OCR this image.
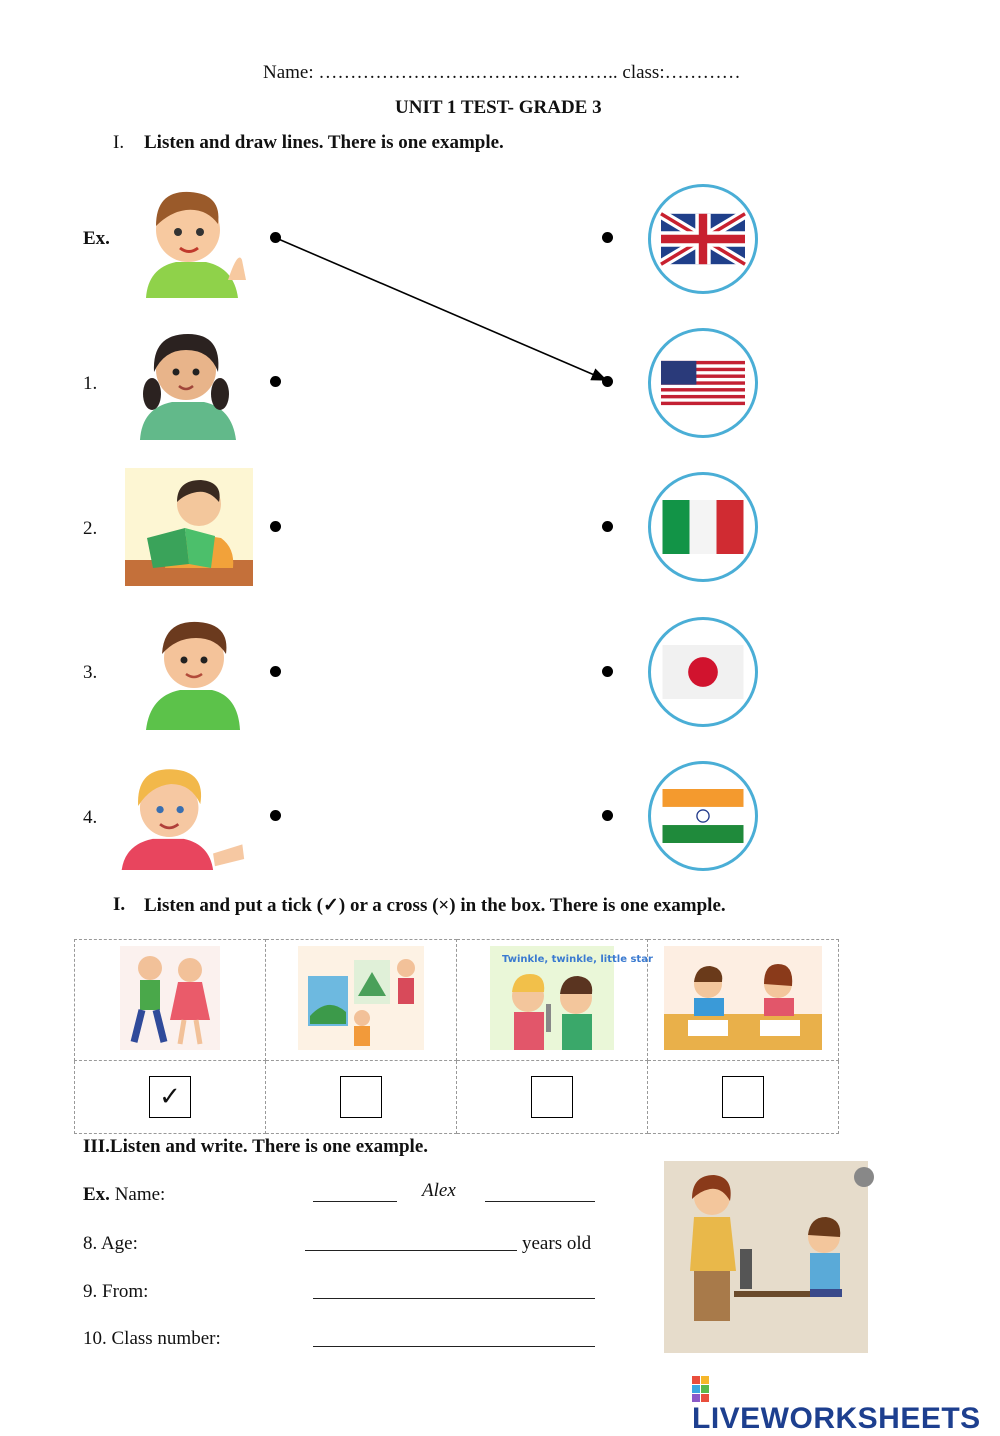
Name: …………………….………………….. class:…………
UNIT 1 TEST- GRADE 3
I. Listen and draw lines. There is one example.
Ex.
1.
2.
3.
4.
I. Listen and put a tick (✓) or a cross (×) in the box. There is one example.

Twinkle, twinkle, little star

✓			
III.Listen and write. There is one example.
Ex. Name:	Alex
8. Age:	years old
9. From:
10. Class number:
LIVEWORKSHEETS
